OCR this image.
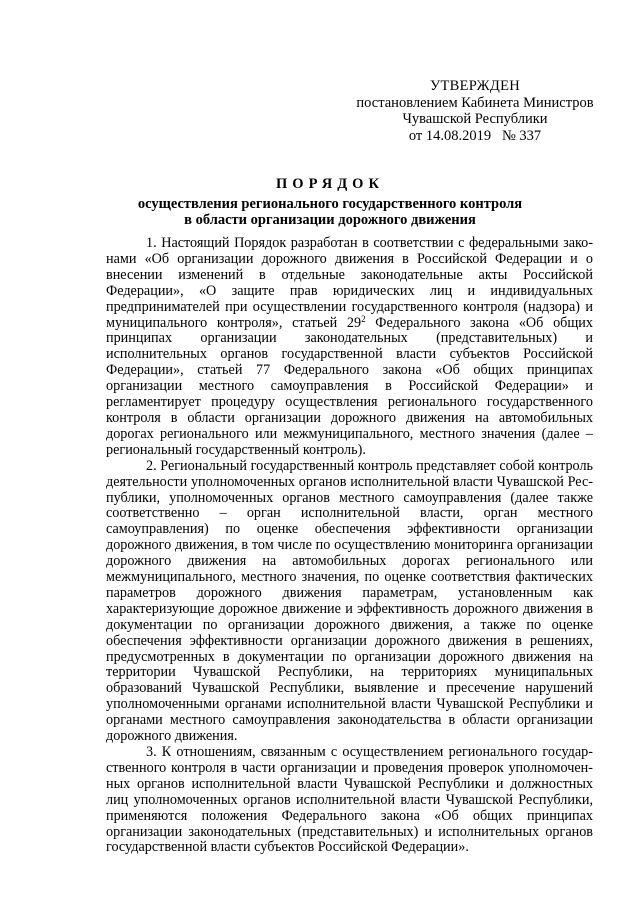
УТВЕРЖДЕН
постановлением Кабинета Министров
Чувашской Республики
от 14.08.2019   № 337
ПОРЯДОК
осуществления регионального государственного контроля
в области организации дорожного движения

1. Настоящий Порядок разработан в соответствии с федеральными законами «Об организации дорожного движения в Российской Федерации и о внесении изменений в отдельные законодательные акты Российской Федерации», «О защите прав юридических лиц и индивидуальных предпринимателей при осуществлении государственного контроля (надзора) и муниципального контроля», статьей $29^2$ Федерального закона «Об общих принципах организации законодательных (представительных) и исполнительных органов государственной власти субъектов Российской Федерации», статьей 77 Федерального закона «Об общих принципах организации местного самоуправления в Российской Федерации» и регламентирует процедуру осуществления регионального государственного контроля в области организации дорожного движения на автомобильных дорогах регионального или межмуниципального, местного значения (далее – региональный государственный контроль).

2. Региональный государственный контроль представляет собой контроль деятельности уполномоченных органов исполнительной власти Чувашской Республики, уполномоченных органов местного самоуправления (далее также соответственно – орган исполнительной власти, орган местного самоуправления) по оценке обеспечения эффективности организации дорожного движения, в том числе по осуществлению мониторинга организации дорожного движения на автомобильных дорогах регионального или межмуниципального, местного значения, по оценке соответствия фактических параметров дорожного движения параметрам, установленным как характеризующие дорожное движение и эффективность дорожного движения в документации по организации дорожного движения, а также по оценке обеспечения эффективности организации дорожного движения в решениях, предусмотренных в документации по организации дорожного движения на территории Чувашской Республики, на территориях муниципальных образований Чувашской Республики, выявление и пресечение нарушений уполномоченными органами исполнительной власти Чувашской Республики и органами местного самоуправления законодательства в области организации дорожного движения.

3. К отношениям, связанным с осуществлением регионального государственного контроля в части организации и проведения проверок уполномоченных органов исполнительной власти Чувашской Республики и должностных лиц уполномоченных органов исполнительной власти Чувашской Республики, применяются положения Федерального закона «Об общих принципах организации законодательных (представительных) и исполнительных органов государственной власти субъектов Российской Федерации».
